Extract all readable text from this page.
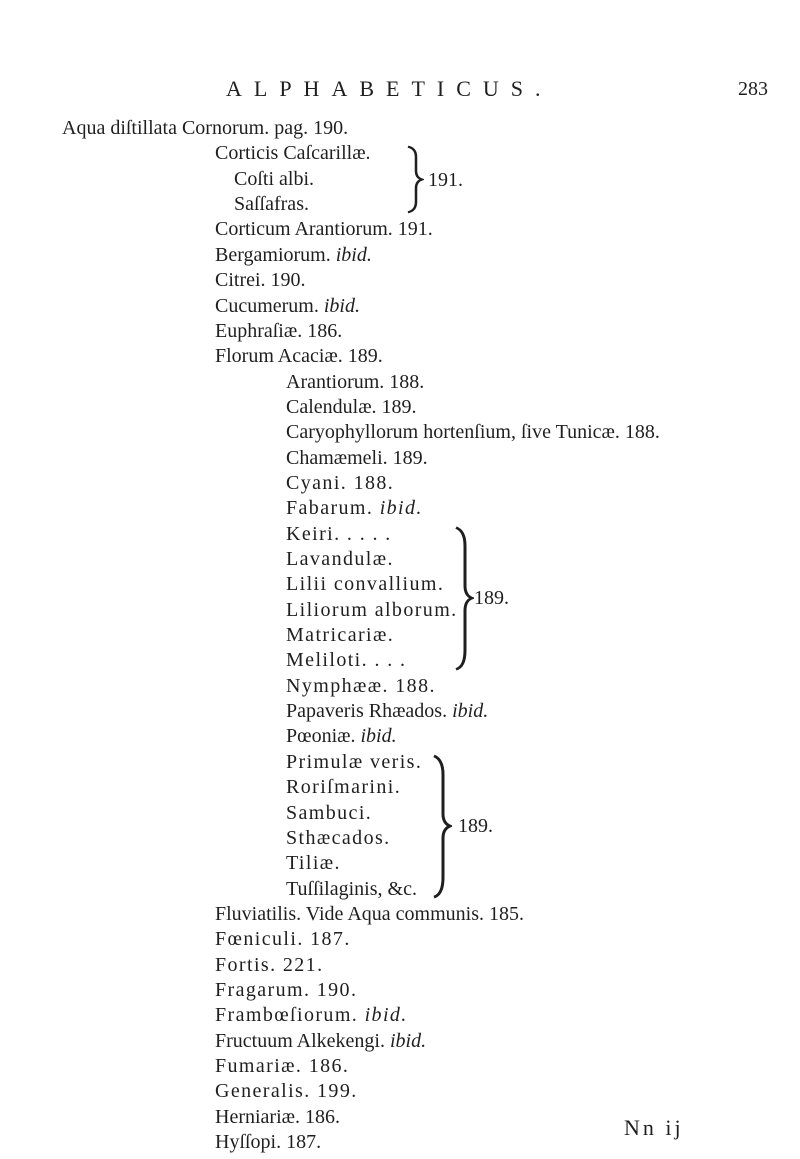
ALPHABETICUS.	283
Aqua diſtillata Cornorum. pag. 190.
Corticis Caſcarillæ.
Coſti albi.
Saſſafras.
Corticum Arantiorum. 191.
Bergamiorum. ibid.
Citrei. 190.
Cucumerum. ibid.
Euphraſiæ. 186.
Florum Acaciæ. 189.
Arantiorum. 188.
Calendulæ. 189.
Caryophyllorum hortenſium, ſive Tunicæ. 188.
Chamæmeli. 189.
Cyani. 188.
Fabarum. ibid.
Keiri. . . . .
Lavandulæ.
Lilii convallium.
Liliorum alborum.
Matricariæ.
Meliloti. . . .
Nymphææ. 188.
Papaveris Rhæados. ibid.
Pœoniæ. ibid.
Primulæ veris.
Roriſmarini.
Sambuci.
Sthæcados.
Tiliæ.
Tuſſilaginis, &c.
Fluviatilis. Vide Aqua communis. 185.
Fœniculi. 187.
Fortis. 221.
Fragarum. 190.
Frambœſiorum. ibid.
Fructuum Alkekengi. ibid.
Fumariæ. 186.
Generalis. 199.
Herniariæ. 186.
Hyſſopi. 187.
191.
189.
189.
Nn ij
